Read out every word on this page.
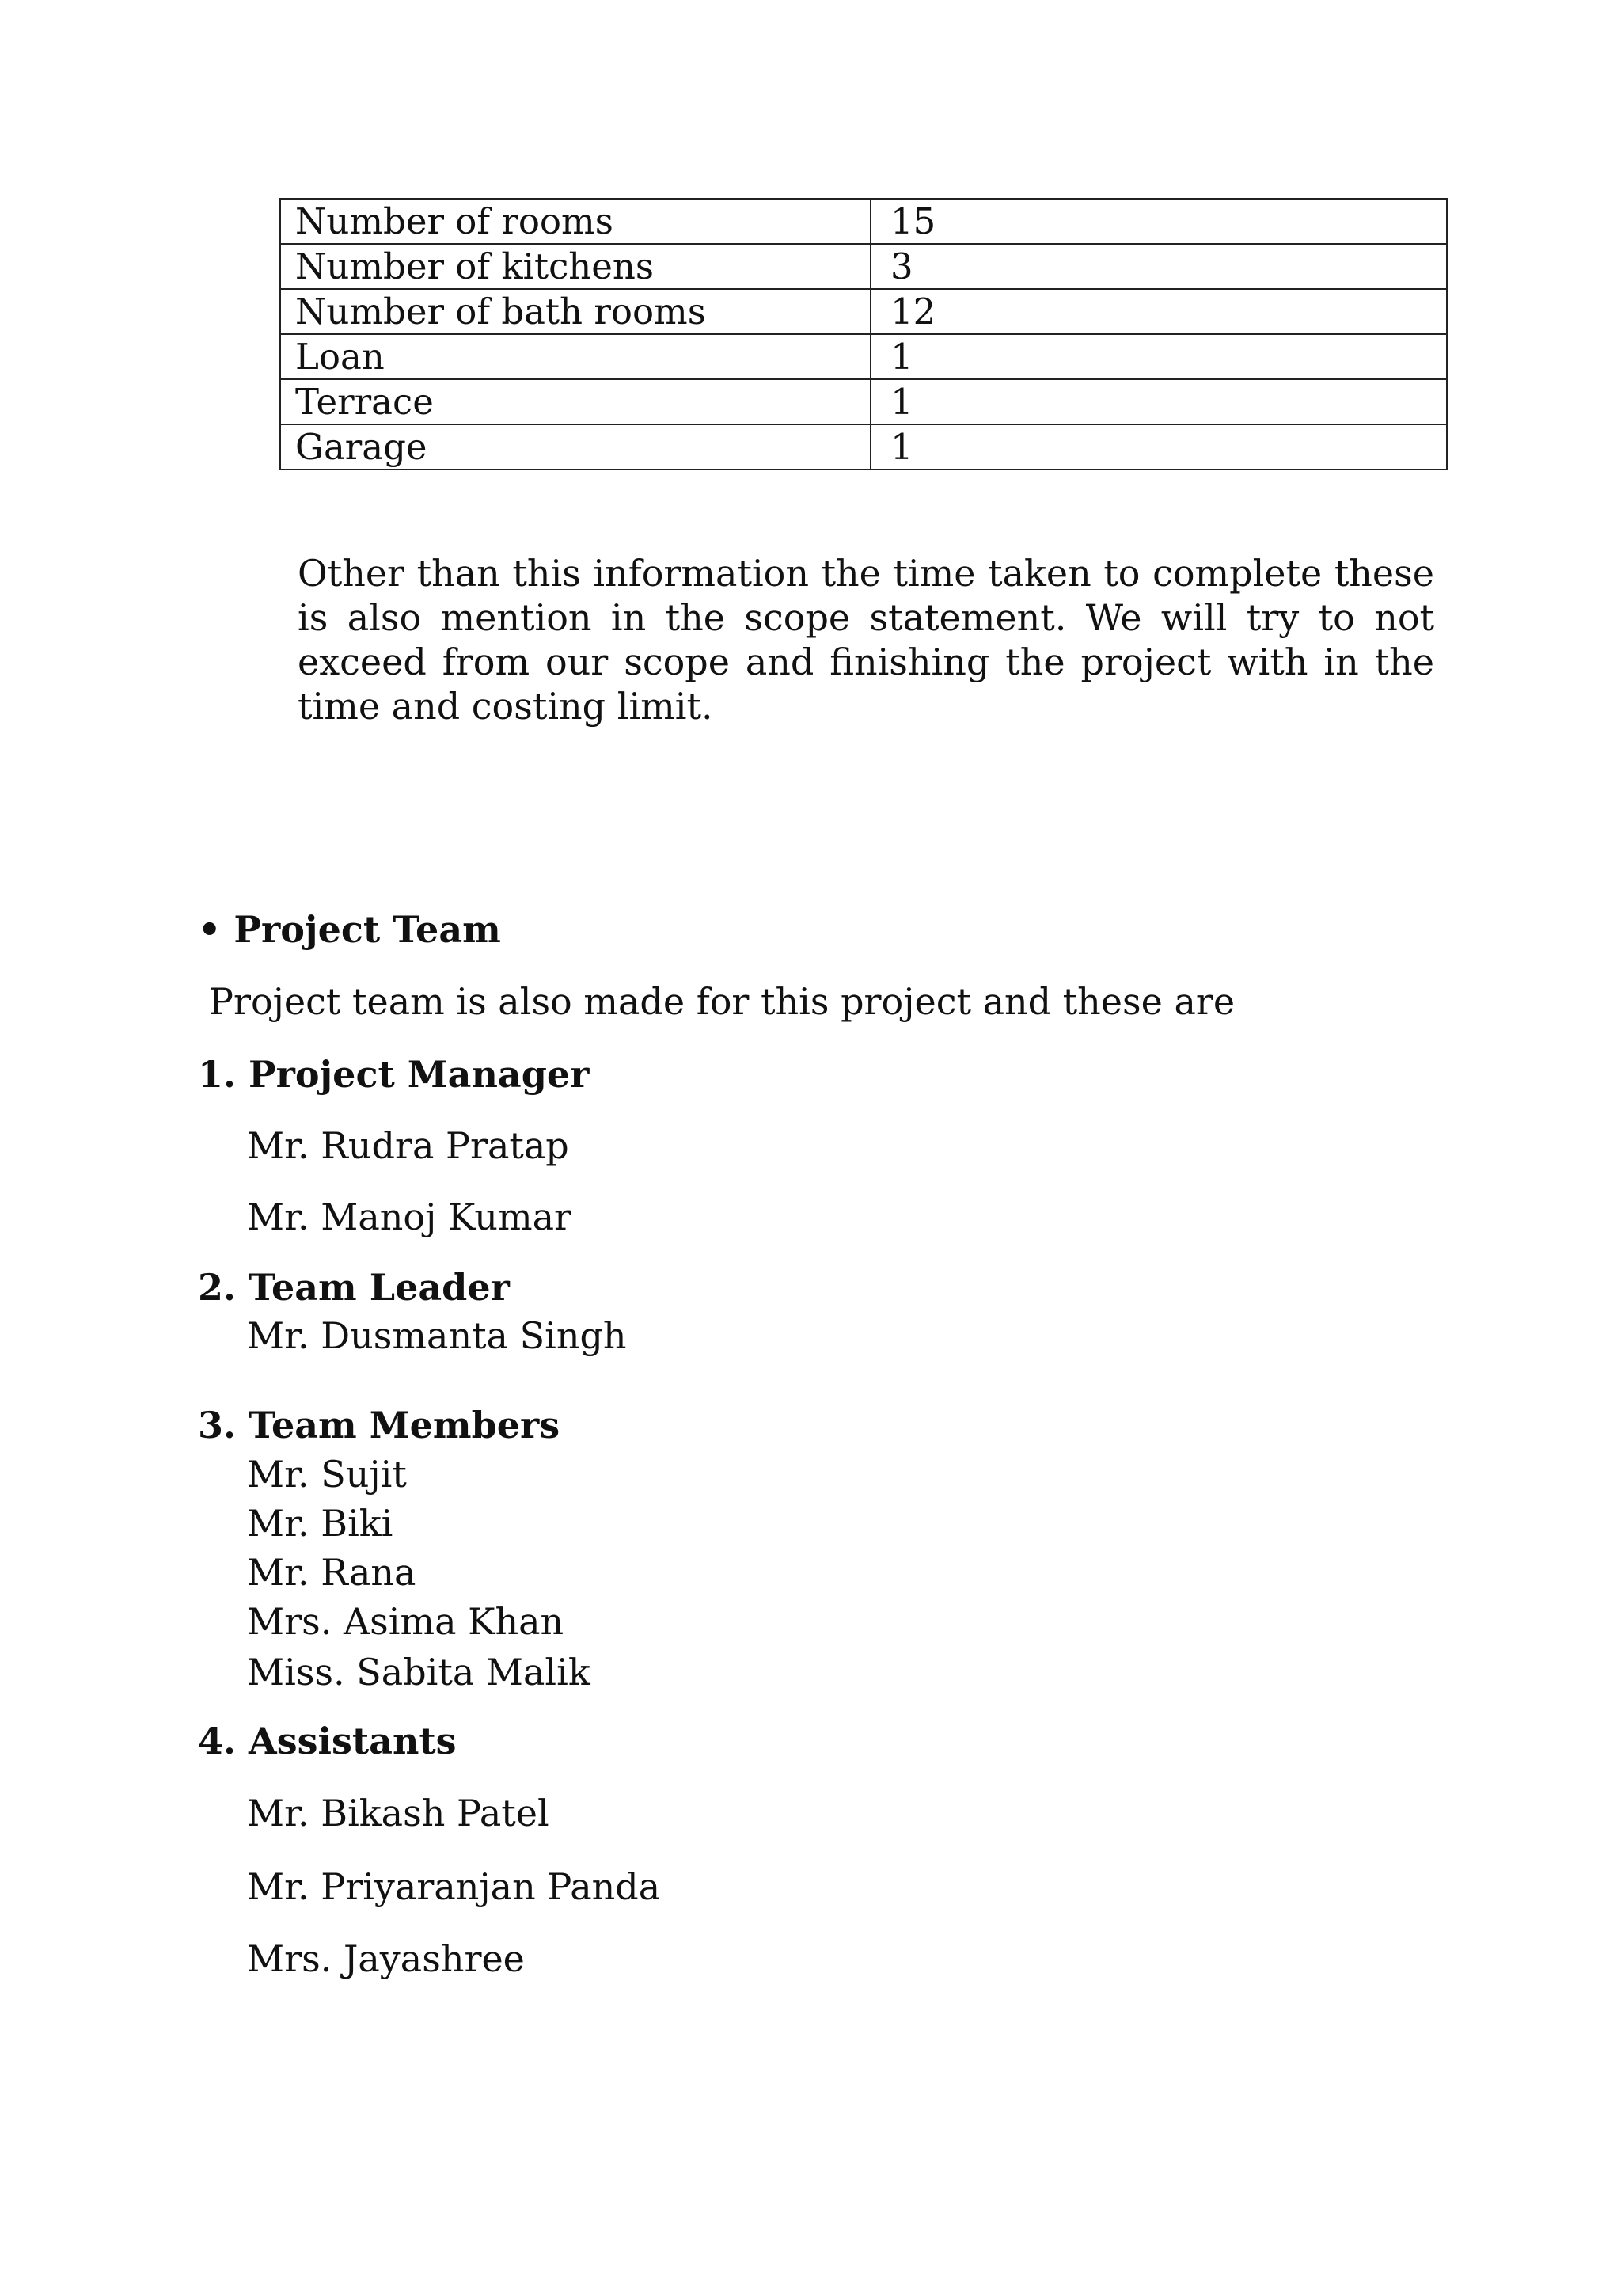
Number of rooms	15
Number of kitchens	3
Number of bath rooms	12
Loan	1
Terrace	1
Garage	1

Other than this information the time taken to complete these is also mention in the scope statement. We will try to not exceed from our scope and finishing the project with in the time and costing limit.

• Project Team

Project team is also made for this project and these are

1. Project Manager

Mr. Rudra Pratap

Mr. Manoj Kumar

2. Team Leader

Mr. Dusmanta Singh

3. Team Members

Mr. Sujit

Mr. Biki

Mr. Rana

Mrs. Asima Khan

Miss. Sabita Malik

4. Assistants

Mr. Bikash Patel

Mr. Priyaranjan Panda

Mrs. Jayashree
